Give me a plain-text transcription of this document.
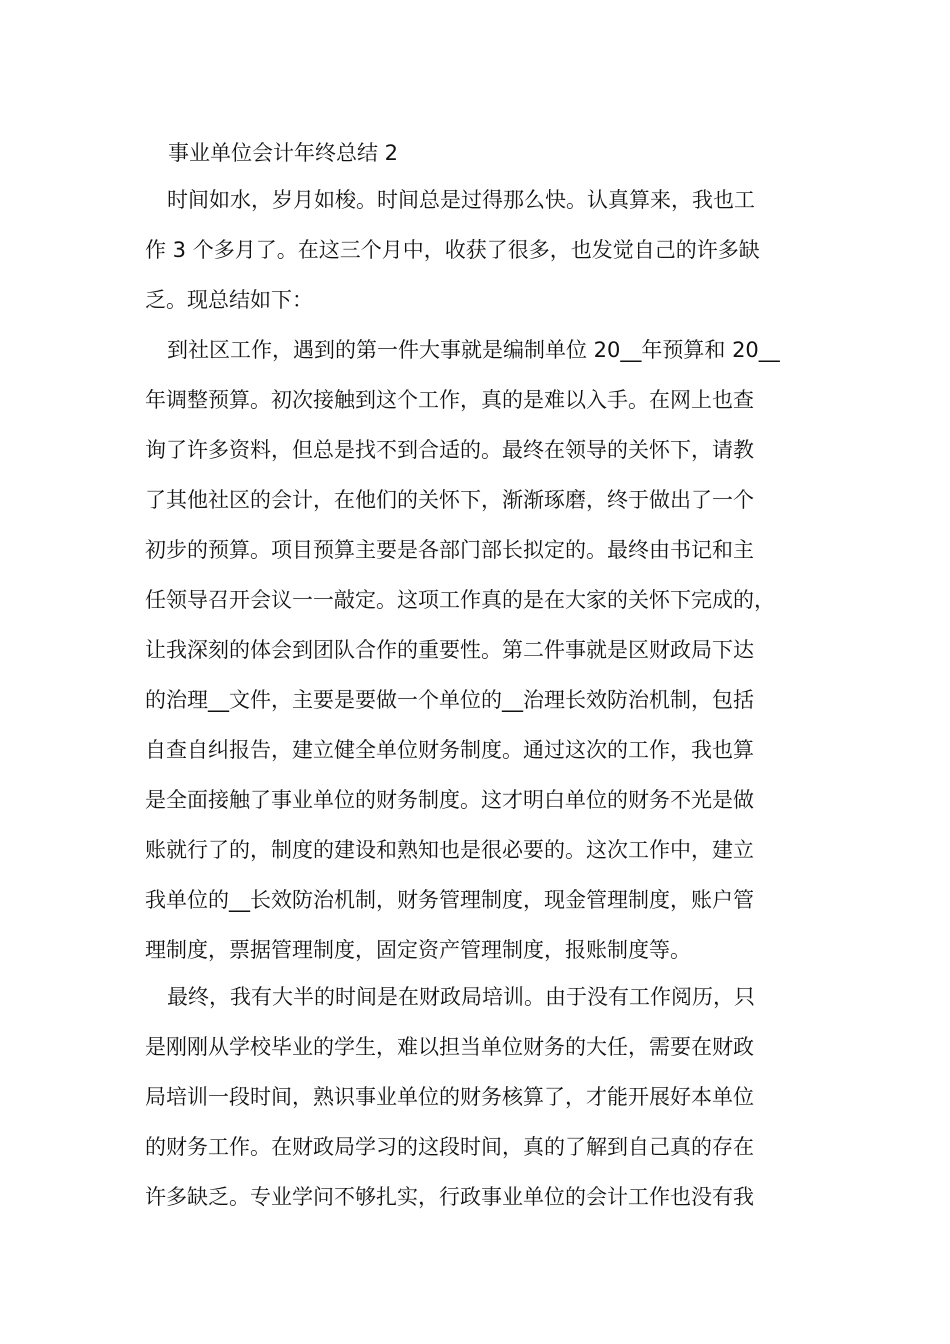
事业单位会计年终总结 2
时间如水，岁月如梭。时间总是过得那么快。认真算来，我也工
作 3 个多月了。在这三个月中，收获了很多，也发觉自己的许多缺
乏。现总结如下：
到社区工作，遇到的第一件大事就是编制单位 20__年预算和 20__
年调整预算。初次接触到这个工作，真的是难以入手。在网上也查
询了许多资料，但总是找不到合适的。最终在领导的关怀下，请教
了其他社区的会计，在他们的关怀下，渐渐琢磨，终于做出了一个
初步的预算。项目预算主要是各部门部长拟定的。最终由书记和主
任领导召开会议一一敲定。这项工作真的是在大家的关怀下完成的，
让我深刻的体会到团队合作的重要性。第二件事就是区财政局下达
的治理__文件，主要是要做一个单位的__治理长效防治机制，包括
自查自纠报告，建立健全单位财务制度。通过这次的工作，我也算
是全面接触了事业单位的财务制度。这才明白单位的财务不光是做
账就行了的，制度的建设和熟知也是很必要的。这次工作中，建立
我单位的__长效防治机制，财务管理制度，现金管理制度，账户管
理制度，票据管理制度，固定资产管理制度，报账制度等。
最终，我有大半的时间是在财政局培训。由于没有工作阅历，只
是刚刚从学校毕业的学生，难以担当单位财务的大任，需要在财政
局培训一段时间，熟识事业单位的财务核算了，才能开展好本单位
的财务工作。在财政局学习的这段时间，真的了解到自己真的存在
许多缺乏。专业学问不够扎实，行政事业单位的会计工作也没有我
